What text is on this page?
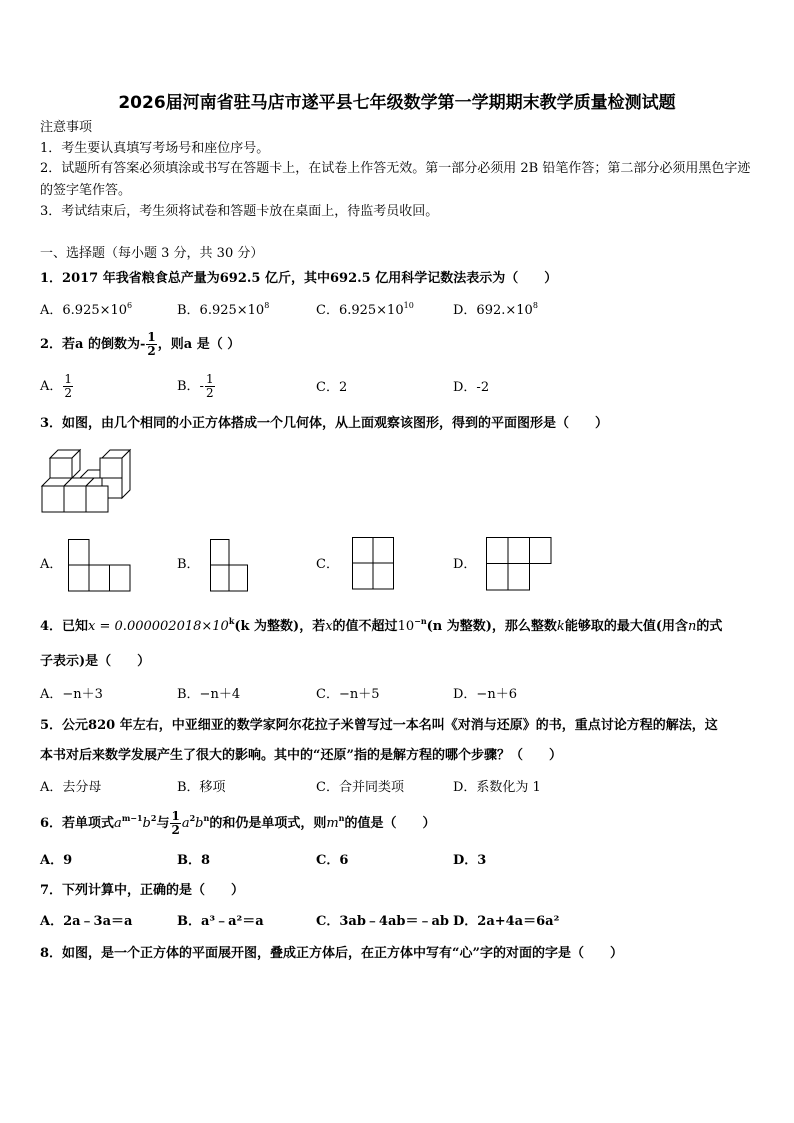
2026届河南省驻马店市遂平县七年级数学第一学期期末教学质量检测试题
注意事项
1．考生要认真填写考场号和座位序号。
2．试题所有答案必须填涂或书写在答题卡上，在试卷上作答无效。第一部分必须用 2B 铅笔作答；第二部分必须用黑色字迹的签字笔作答。
3．考试结束后，考生须将试卷和答题卡放在桌面上，待监考员收回。
一、选择题（每小题 3 分，共 30 分）
1．2017 年我省粮食总产量为692.5 亿斤，其中692.5 亿用科学记数法表示为（　　）
A．$6.925\times 10^6$	B．$6.925\times 10^8$	C．$6.925\times 10^{10}$	D．$692.\times 10^8$
2．若a 的倒数为- $\frac{1}{2}$ ，则a 是（ ）
A． $\frac{1}{2}$	B．- $\frac{1}{2}$	C．2	D．-2
3．如图，由几个相同的小正方体搭成一个几何体，从上面观察该图形，得到的平面图形是（　　）
A．	B．	C．	D．
4．已知$x = 0.000002018\times 10^k(k$ 为整数)，若x的值不超过$10^{-n}(n$ 为整数)，那么整数k能够取的最大值(用含n的式
子表示)是（　　）
A．−n＋3	B．−n＋4	C．−n＋5	D．−n＋6
5．公元820 年左右，中亚细亚的数学家阿尔花拉子米曾写过一本名叫《对消与还原》的书，重点讨论方程的解法，这
本书对后来数学发展产生了很大的影响。其中的“还原”指的是解方程的哪个步骤？（　　）
A．去分母	B．移项	C．合并同类项	D．系数化为 1
6．若单项式$a^{m-1}b^2$与 $\frac{1}{2} a^2b^n$的和仍是单项式，则$m^n$的值是（　　）
A．9	B．8	C．6	D．3
7．下列计算中，正确的是（　　）
A．2a﹣3a＝a	B．a³﹣a²＝a	C．3ab﹣4ab＝﹣ab D．2a+4a＝6a²
8．如图，是一个正方体的平面展开图，叠成正方体后，在正方体中写有“心”字的对面的字是（　　）
